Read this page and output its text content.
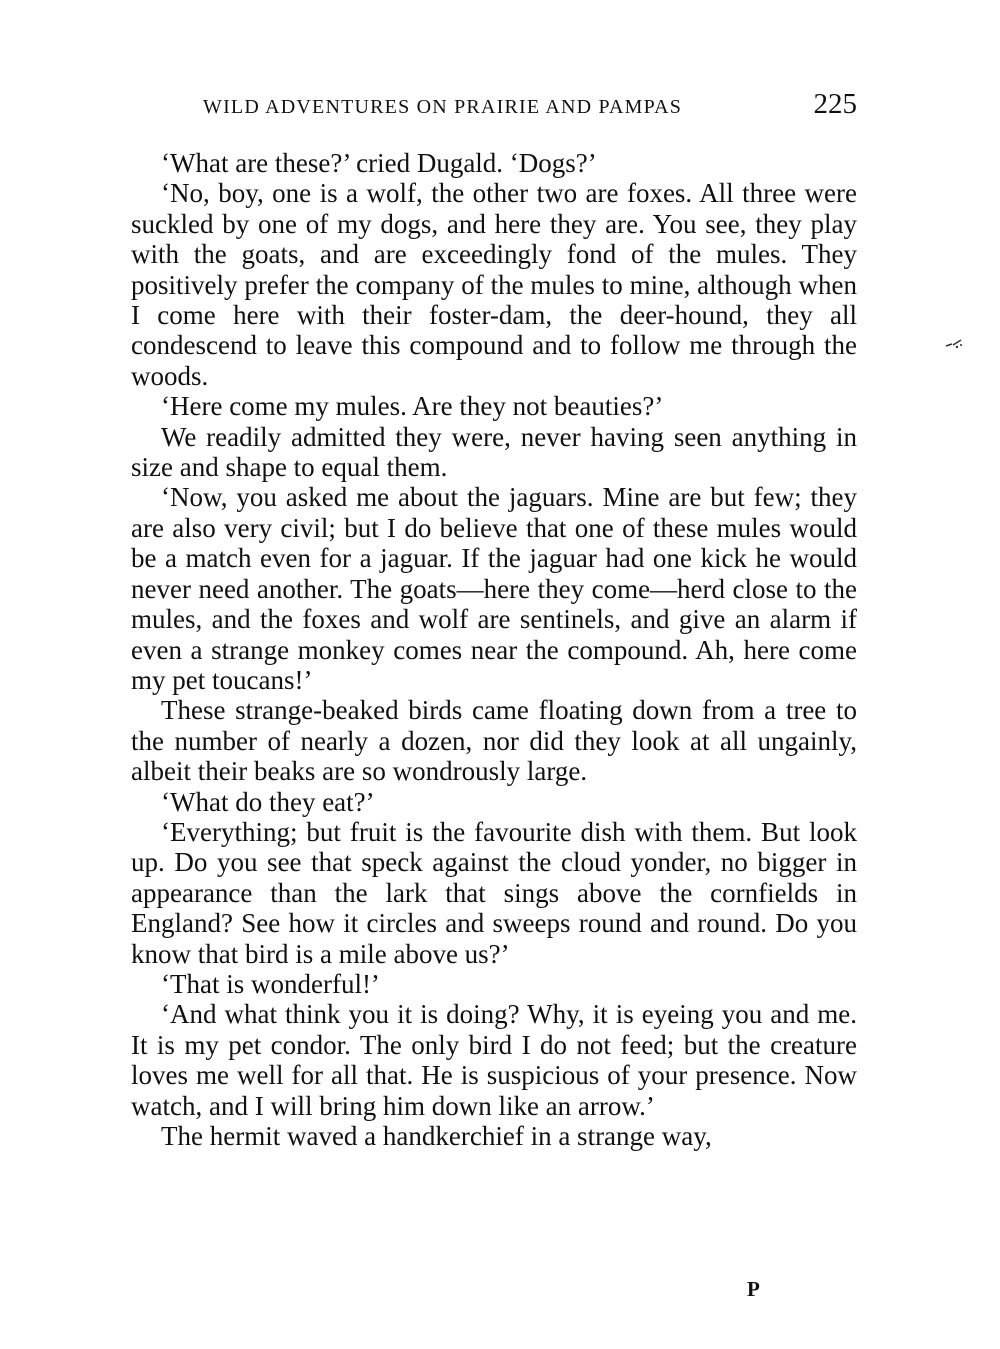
WILD ADVENTURES ON PRAIRIE AND PAMPAS	225

‘What are these?’ cried Dugald. ‘Dogs?’

‘No, boy, one is a wolf, the other two are foxes. All three were suckled by one of my dogs, and here they are. You see, they play with the goats, and are exceedingly fond of the mules. They positively prefer the company of the mules to mine, although when I come here with their foster-dam, the deer-hound, they all condescend to leave this compound and to follow me through the woods.

‘Here come my mules. Are they not beauties?’

We readily admitted they were, never having seen anything in size and shape to equal them.

‘Now, you asked me about the jaguars. Mine are but few; they are also very civil; but I do believe that one of these mules would be a match even for a jaguar. If the jaguar had one kick he would never need another. The goats—here they come—herd close to the mules, and the foxes and wolf are sentinels, and give an alarm if even a strange monkey comes near the compound. Ah, here come my pet toucans!’

These strange-beaked birds came floating down from a tree to the number of nearly a dozen, nor did they look at all ungainly, albeit their beaks are so wondrously large.

‘What do they eat?’

‘Everything; but fruit is the favourite dish with them. But look up. Do you see that speck against the cloud yonder, no bigger in appearance than the lark that sings above the cornfields in England? See how it circles and sweeps round and round. Do you know that bird is a mile above us?’

‘That is wonderful!’

‘And what think you it is doing? Why, it is eyeing you and me. It is my pet condor. The only bird I do not feed; but the creature loves me well for all that. He is suspicious of your presence. Now watch, and I will bring him down like an arrow.’

The hermit waved a handkerchief in a strange way,

P
